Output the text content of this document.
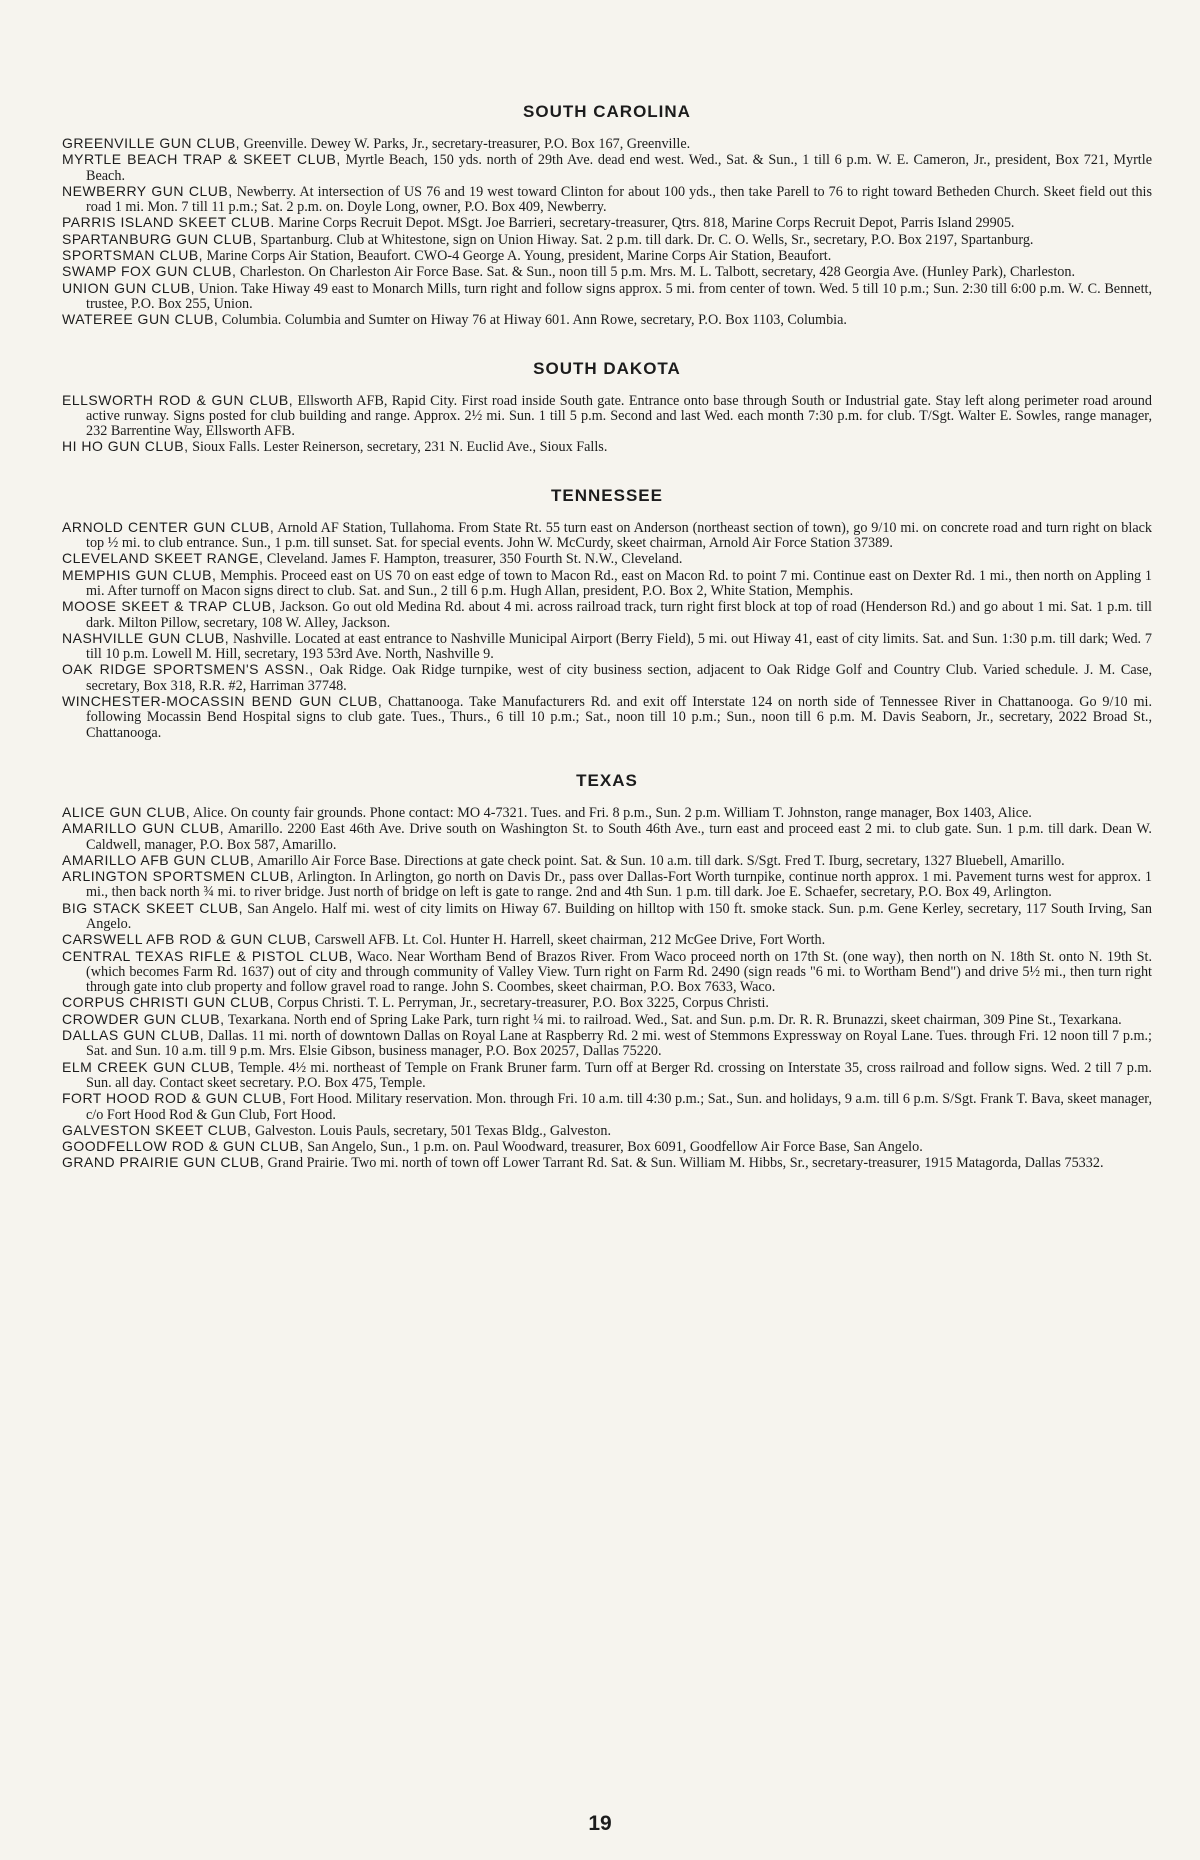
SOUTH CAROLINA

GREENVILLE GUN CLUB, Greenville. Dewey W. Parks, Jr., secretary-treasurer, P.O. Box 167, Greenville.

MYRTLE BEACH TRAP & SKEET CLUB, Myrtle Beach, 150 yds. north of 29th Ave. dead end west. Wed., Sat. & Sun., 1 till 6 p.m. W. E. Cameron, Jr., president, Box 721, Myrtle Beach.

NEWBERRY GUN CLUB, Newberry. At intersection of US 76 and 19 west toward Clinton for about 100 yds., then take Parell to 76 to right toward Betheden Church. Skeet field out this road 1 mi. Mon. 7 till 11 p.m.; Sat. 2 p.m. on. Doyle Long, owner, P.O. Box 409, Newberry.

PARRIS ISLAND SKEET CLUB. Marine Corps Recruit Depot. MSgt. Joe Barrieri, secretary-treasurer, Qtrs. 818, Marine Corps Recruit Depot, Parris Island 29905.

SPARTANBURG GUN CLUB, Spartanburg. Club at Whitestone, sign on Union Hiway. Sat. 2 p.m. till dark. Dr. C. O. Wells, Sr., secretary, P.O. Box 2197, Spartanburg.

SPORTSMAN CLUB, Marine Corps Air Station, Beaufort. CWO-4 George A. Young, president, Marine Corps Air Station, Beaufort.

SWAMP FOX GUN CLUB, Charleston. On Charleston Air Force Base. Sat. & Sun., noon till 5 p.m. Mrs. M. L. Talbott, secretary, 428 Georgia Ave. (Hunley Park), Charleston.

UNION GUN CLUB, Union. Take Hiway 49 east to Monarch Mills, turn right and follow signs approx. 5 mi. from center of town. Wed. 5 till 10 p.m.; Sun. 2:30 till 6:00 p.m. W. C. Bennett, trustee, P.O. Box 255, Union.

WATEREE GUN CLUB, Columbia. Columbia and Sumter on Hiway 76 at Hiway 601. Ann Rowe, secretary, P.O. Box 1103, Columbia.

SOUTH DAKOTA

ELLSWORTH ROD & GUN CLUB, Ellsworth AFB, Rapid City. First road inside South gate. Entrance onto base through South or Industrial gate. Stay left along perimeter road around active runway. Signs posted for club building and range. Approx. 2½ mi. Sun. 1 till 5 p.m. Second and last Wed. each month 7:30 p.m. for club. T/Sgt. Walter E. Sowles, range manager, 232 Barrentine Way, Ellsworth AFB.

HI HO GUN CLUB, Sioux Falls. Lester Reinerson, secretary, 231 N. Euclid Ave., Sioux Falls.

TENNESSEE

ARNOLD CENTER GUN CLUB, Arnold AF Station, Tullahoma. From State Rt. 55 turn east on Anderson (northeast section of town), go 9/10 mi. on concrete road and turn right on black top ½ mi. to club entrance. Sun., 1 p.m. till sunset. Sat. for special events. John W. McCurdy, skeet chairman, Arnold Air Force Station 37389.

CLEVELAND SKEET RANGE, Cleveland. James F. Hampton, treasurer, 350 Fourth St. N.W., Cleveland.

MEMPHIS GUN CLUB, Memphis. Proceed east on US 70 on east edge of town to Macon Rd., east on Macon Rd. to point 7 mi. Continue east on Dexter Rd. 1 mi., then north on Appling 1 mi. After turnoff on Macon signs direct to club. Sat. and Sun., 2 till 6 p.m. Hugh Allan, president, P.O. Box 2, White Station, Memphis.

MOOSE SKEET & TRAP CLUB, Jackson. Go out old Medina Rd. about 4 mi. across railroad track, turn right first block at top of road (Henderson Rd.) and go about 1 mi. Sat. 1 p.m. till dark. Milton Pillow, secretary, 108 W. Alley, Jackson.

NASHVILLE GUN CLUB, Nashville. Located at east entrance to Nashville Municipal Airport (Berry Field), 5 mi. out Hiway 41, east of city limits. Sat. and Sun. 1:30 p.m. till dark; Wed. 7 till 10 p.m. Lowell M. Hill, secretary, 193 53rd Ave. North, Nashville 9.

OAK RIDGE SPORTSMEN'S ASSN., Oak Ridge. Oak Ridge turnpike, west of city business section, adjacent to Oak Ridge Golf and Country Club. Varied schedule. J. M. Case, secretary, Box 318, R.R. #2, Harriman 37748.

WINCHESTER-MOCASSIN BEND GUN CLUB, Chattanooga. Take Manufacturers Rd. and exit off Interstate 124 on north side of Tennessee River in Chattanooga. Go 9/10 mi. following Mocassin Bend Hospital signs to club gate. Tues., Thurs., 6 till 10 p.m.; Sat., noon till 10 p.m.; Sun., noon till 6 p.m. M. Davis Seaborn, Jr., secretary, 2022 Broad St., Chattanooga.

TEXAS

ALICE GUN CLUB, Alice. On county fair grounds. Phone contact: MO 4-7321. Tues. and Fri. 8 p.m., Sun. 2 p.m. William T. Johnston, range manager, Box 1403, Alice.

AMARILLO GUN CLUB, Amarillo. 2200 East 46th Ave. Drive south on Washington St. to South 46th Ave., turn east and proceed east 2 mi. to club gate. Sun. 1 p.m. till dark. Dean W. Caldwell, manager, P.O. Box 587, Amarillo.

AMARILLO AFB GUN CLUB, Amarillo Air Force Base. Directions at gate check point. Sat. & Sun. 10 a.m. till dark. S/Sgt. Fred T. Iburg, secretary, 1327 Bluebell, Amarillo.

ARLINGTON SPORTSMEN CLUB, Arlington. In Arlington, go north on Davis Dr., pass over Dallas-Fort Worth turnpike, continue north approx. 1 mi. Pavement turns west for approx. 1 mi., then back north ¾ mi. to river bridge. Just north of bridge on left is gate to range. 2nd and 4th Sun. 1 p.m. till dark. Joe E. Schaefer, secretary, P.O. Box 49, Arlington.

BIG STACK SKEET CLUB, San Angelo. Half mi. west of city limits on Hiway 67. Building on hilltop with 150 ft. smoke stack. Sun. p.m. Gene Kerley, secretary, 117 South Irving, San Angelo.

CARSWELL AFB ROD & GUN CLUB, Carswell AFB. Lt. Col. Hunter H. Harrell, skeet chairman, 212 McGee Drive, Fort Worth.

CENTRAL TEXAS RIFLE & PISTOL CLUB, Waco. Near Wortham Bend of Brazos River. From Waco proceed north on 17th St. (one way), then north on N. 18th St. onto N. 19th St. (which becomes Farm Rd. 1637) out of city and through community of Valley View. Turn right on Farm Rd. 2490 (sign reads "6 mi. to Wortham Bend") and drive 5½ mi., then turn right through gate into club property and follow gravel road to range. John S. Coombes, skeet chairman, P.O. Box 7633, Waco.

CORPUS CHRISTI GUN CLUB, Corpus Christi. T. L. Perryman, Jr., secretary-treasurer, P.O. Box 3225, Corpus Christi.

CROWDER GUN CLUB, Texarkana. North end of Spring Lake Park, turn right ¼ mi. to railroad. Wed., Sat. and Sun. p.m. Dr. R. R. Brunazzi, skeet chairman, 309 Pine St., Texarkana.

DALLAS GUN CLUB, Dallas. 11 mi. north of downtown Dallas on Royal Lane at Raspberry Rd. 2 mi. west of Stemmons Expressway on Royal Lane. Tues. through Fri. 12 noon till 7 p.m.; Sat. and Sun. 10 a.m. till 9 p.m. Mrs. Elsie Gibson, business manager, P.O. Box 20257, Dallas 75220.

ELM CREEK GUN CLUB, Temple. 4½ mi. northeast of Temple on Frank Bruner farm. Turn off at Berger Rd. crossing on Interstate 35, cross railroad and follow signs. Wed. 2 till 7 p.m. Sun. all day. Contact skeet secretary. P.O. Box 475, Temple.

FORT HOOD ROD & GUN CLUB, Fort Hood. Military reservation. Mon. through Fri. 10 a.m. till 4:30 p.m.; Sat., Sun. and holidays, 9 a.m. till 6 p.m. S/Sgt. Frank T. Bava, skeet manager, c/o Fort Hood Rod & Gun Club, Fort Hood.

GALVESTON SKEET CLUB, Galveston. Louis Pauls, secretary, 501 Texas Bldg., Galveston.

GOODFELLOW ROD & GUN CLUB, San Angelo, Sun., 1 p.m. on. Paul Woodward, treasurer, Box 6091, Goodfellow Air Force Base, San Angelo.

GRAND PRAIRIE GUN CLUB, Grand Prairie. Two mi. north of town off Lower Tarrant Rd. Sat. & Sun. William M. Hibbs, Sr., secretary-treasurer, 1915 Matagorda, Dallas 75332.

19
